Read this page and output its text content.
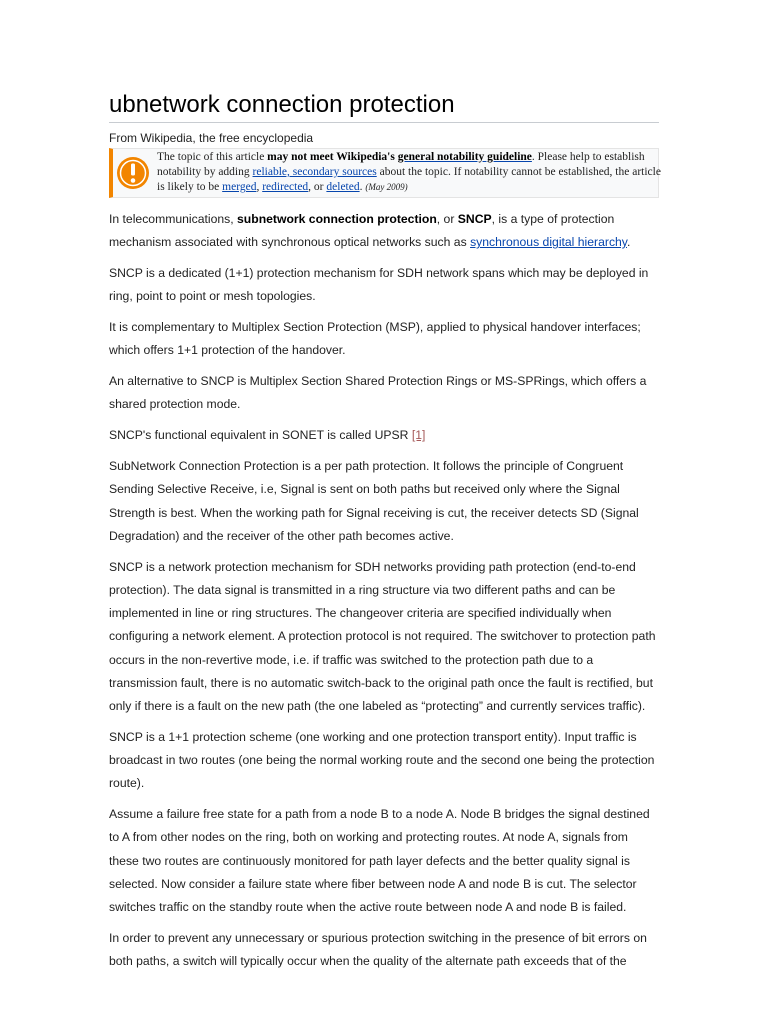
ubnetwork connection protection
From Wikipedia, the free encyclopedia
The topic of this article may not meet Wikipedia's general notability guideline. Please help to establish notability by adding reliable, secondary sources about the topic. If notability cannot be established, the article is likely to be merged, redirected, or deleted. (May 2009)

In telecommunications, subnetwork connection protection, or SNCP, is a type of protection mechanism associated with synchronous optical networks such as synchronous digital hierarchy.

SNCP is a dedicated (1+1) protection mechanism for SDH network spans which may be deployed in ring, point to point or mesh topologies.

It is complementary to Multiplex Section Protection (MSP), applied to physical handover interfaces; which offers 1+1 protection of the handover.

An alternative to SNCP is Multiplex Section Shared Protection Rings or MS-SPRings, which offers a shared protection mode.

SNCP's functional equivalent in SONET is called UPSR [1]

SubNetwork Connection Protection is a per path protection. It follows the principle of Congruent Sending Selective Receive, i.e, Signal is sent on both paths but received only where the Signal Strength is best. When the working path for Signal receiving is cut, the receiver detects SD (Signal Degradation) and the receiver of the other path becomes active.

SNCP is a network protection mechanism for SDH networks providing path protection (end-to-end protection). The data signal is transmitted in a ring structure via two different paths and can be implemented in line or ring structures. The changeover criteria are specified individually when configuring a network element. A protection protocol is not required. The switchover to protection path occurs in the non-revertive mode, i.e. if traffic was switched to the protection path due to a transmission fault, there is no automatic switch-back to the original path once the fault is rectified, but only if there is a fault on the new path (the one labeled as “protecting” and currently services traffic).

SNCP is a 1+1 protection scheme (one working and one protection transport entity). Input traffic is broadcast in two routes (one being the normal working route and the second one being the protection route).

Assume a failure free state for a path from a node B to a node A. Node B bridges the signal destined to A from other nodes on the ring, both on working and protecting routes. At node A, signals from these two routes are continuously monitored for path layer defects and the better quality signal is selected. Now consider a failure state where fiber between node A and node B is cut. The selector switches traffic on the standby route when the active route between node A and node B is failed.

In order to prevent any unnecessary or spurious protection switching in the presence of bit errors on both paths, a switch will typically occur when the quality of the alternate path exceeds that of the
